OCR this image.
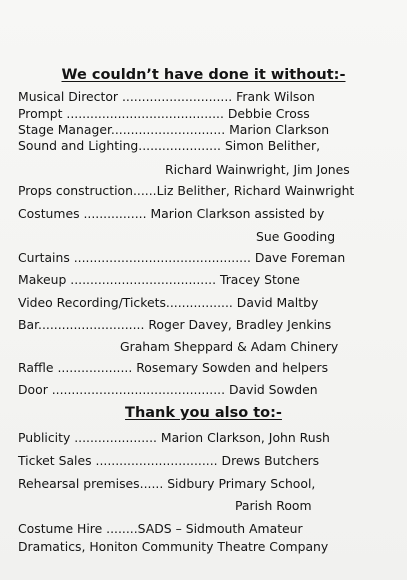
We couldn’t have done it without:-
Musical Director ............................ Frank Wilson
Prompt ........................................ Debbie Cross
Stage Manager............................. Marion Clarkson
Sound and Lighting..................... Simon Belither,
Richard Wainwright, Jim Jones
Props construction......Liz Belither, Richard Wainwright
Costumes ................ Marion Clarkson assisted by
Sue Gooding
Curtains ............................................. Dave Foreman
Makeup ..................................... Tracey Stone
Video Recording/Tickets................. David Maltby
Bar........................... Roger Davey, Bradley Jenkins
Graham Sheppard & Adam Chinery
Raffle ................... Rosemary Sowden and helpers
Door ............................................ David Sowden
Thank you also to:-
Publicity ..................... Marion Clarkson, John Rush
Ticket Sales ............................... Drews Butchers
Rehearsal premises...... Sidbury Primary School,
Parish Room
Costume Hire ........SADS – Sidmouth Amateur
Dramatics, Honiton Community Theatre Company
